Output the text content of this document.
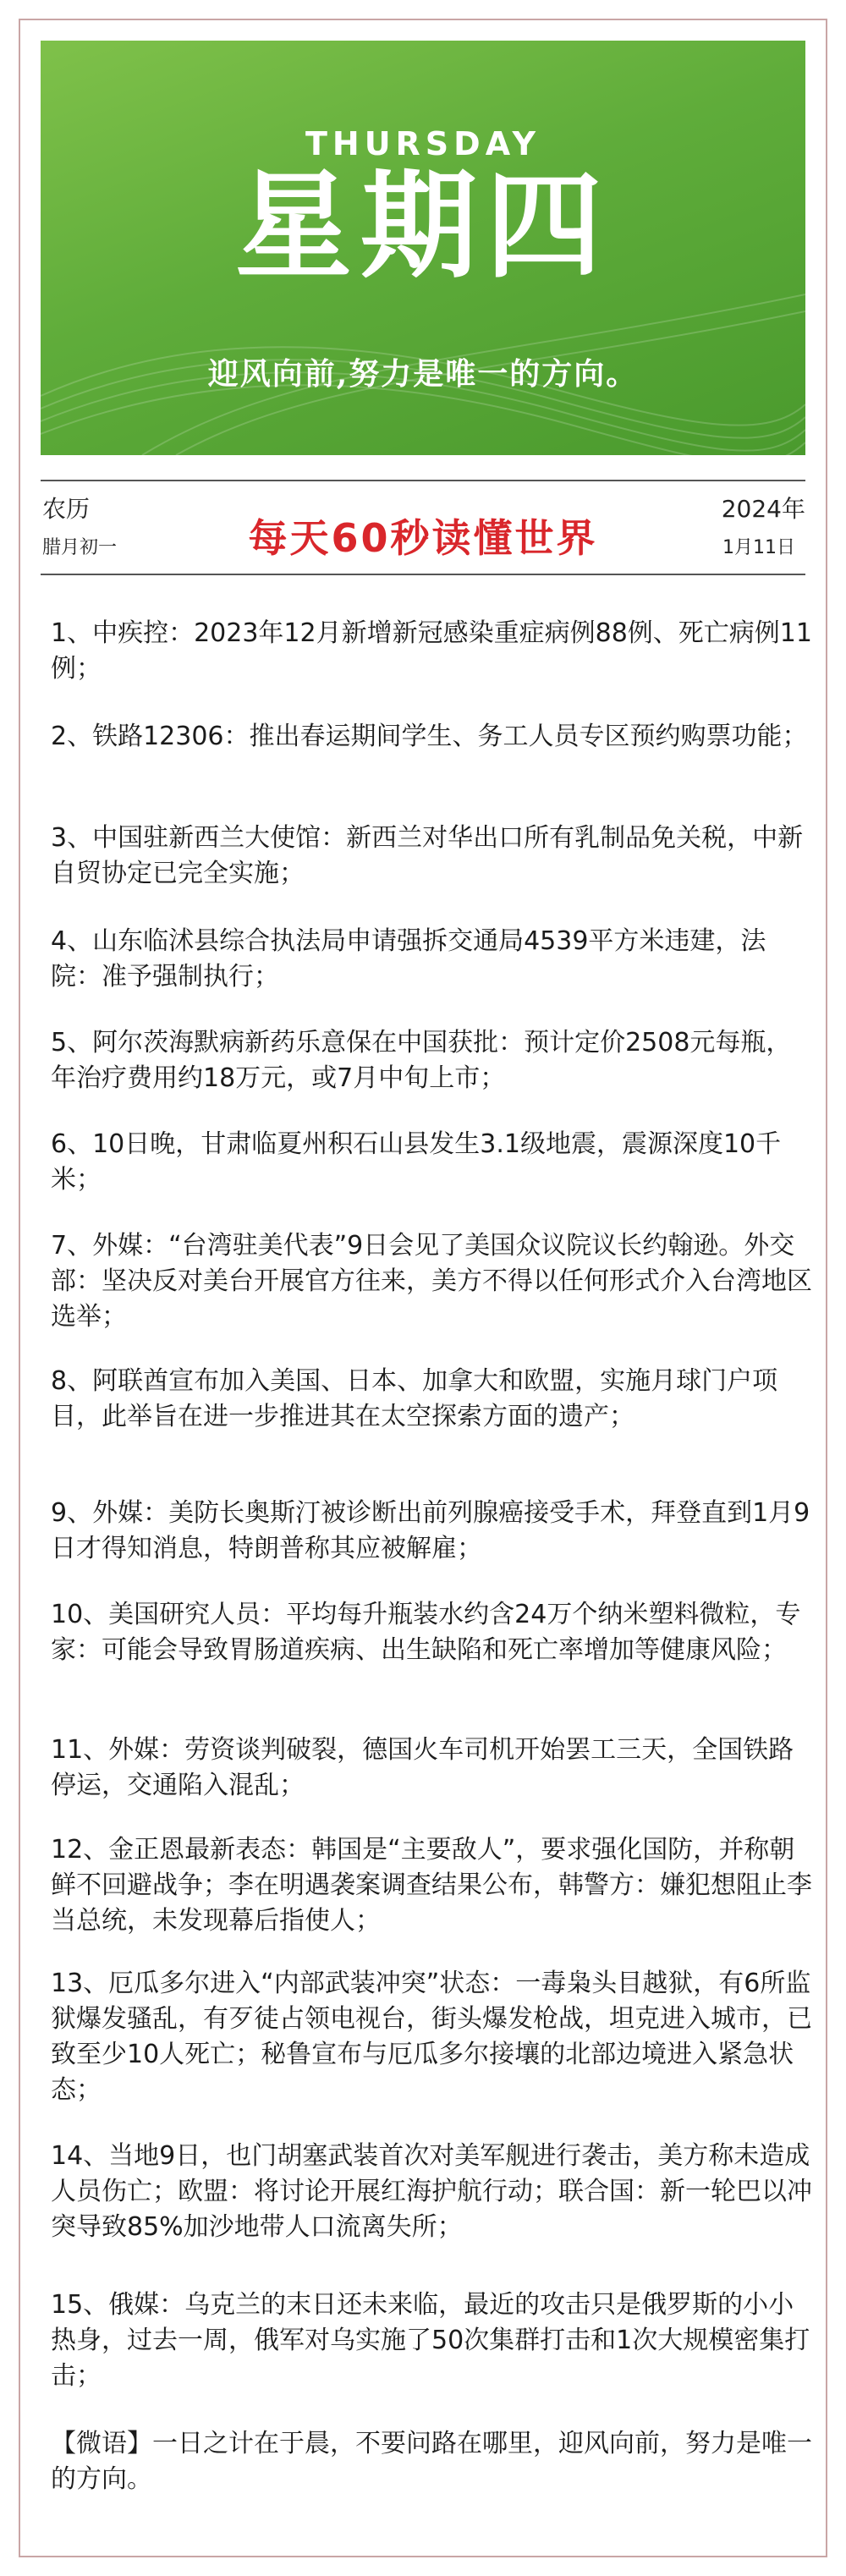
THURSDAY
星期四
迎风向前,努力是唯一的方向。
农历
腊月初一	每天60秒读懂世界
2024年
1月11日

1、中疾控：2023年12月新增新冠感染重症病例88例、死亡病例11例；

2、铁路12306：推出春运期间学生、务工人员专区预约购票功能；

3、中国驻新西兰大使馆：新西兰对华出口所有乳制品免关税，中新自贸协定已完全实施；

4、山东临沭县综合执法局申请强拆交通局4539平方米违建，法院：准予强制执行；

5、阿尔茨海默病新药乐意保在中国获批：预计定价2508元每瓶，年治疗费用约18万元，或7月中旬上市；

6、10日晚，甘肃临夏州积石山县发生3.1级地震，震源深度10千米；

7、外媒：“台湾驻美代表”9日会见了美国众议院议长约翰逊。外交部：坚决反对美台开展官方往来，美方不得以任何形式介入台湾地区选举；

8、阿联酋宣布加入美国、日本、加拿大和欧盟，实施月球门户项目，此举旨在进一步推进其在太空探索方面的遗产；

9、外媒：美防长奥斯汀被诊断出前列腺癌接受手术，拜登直到1月9日才得知消息，特朗普称其应被解雇；

10、美国研究人员：平均每升瓶装水约含24万个纳米塑料微粒，专家：可能会导致胃肠道疾病、出生缺陷和死亡率增加等健康风险；

11、外媒：劳资谈判破裂，德国火车司机开始罢工三天，全国铁路停运，交通陷入混乱；

12、金正恩最新表态：韩国是“主要敌人”，要求强化国防，并称朝鲜不回避战争；李在明遇袭案调查结果公布，韩警方：嫌犯想阻止李当总统，未发现幕后指使人；

13、厄瓜多尔进入“内部武装冲突”状态：一毒枭头目越狱，有6所监狱爆发骚乱，有歹徒占领电视台，街头爆发枪战，坦克进入城市，已致至少10人死亡；秘鲁宣布与厄瓜多尔接壤的北部边境进入紧急状态；

14、当地9日，也门胡塞武装首次对美军舰进行袭击，美方称未造成人员伤亡；欧盟：将讨论开展红海护航行动；联合国：新一轮巴以冲突导致85%加沙地带人口流离失所；

15、俄媒：乌克兰的末日还未来临，最近的攻击只是俄罗斯的小小热身，过去一周，俄军对乌实施了50次集群打击和1次大规模密集打击；

【微语】一日之计在于晨，不要问路在哪里，迎风向前，努力是唯一的方向。
